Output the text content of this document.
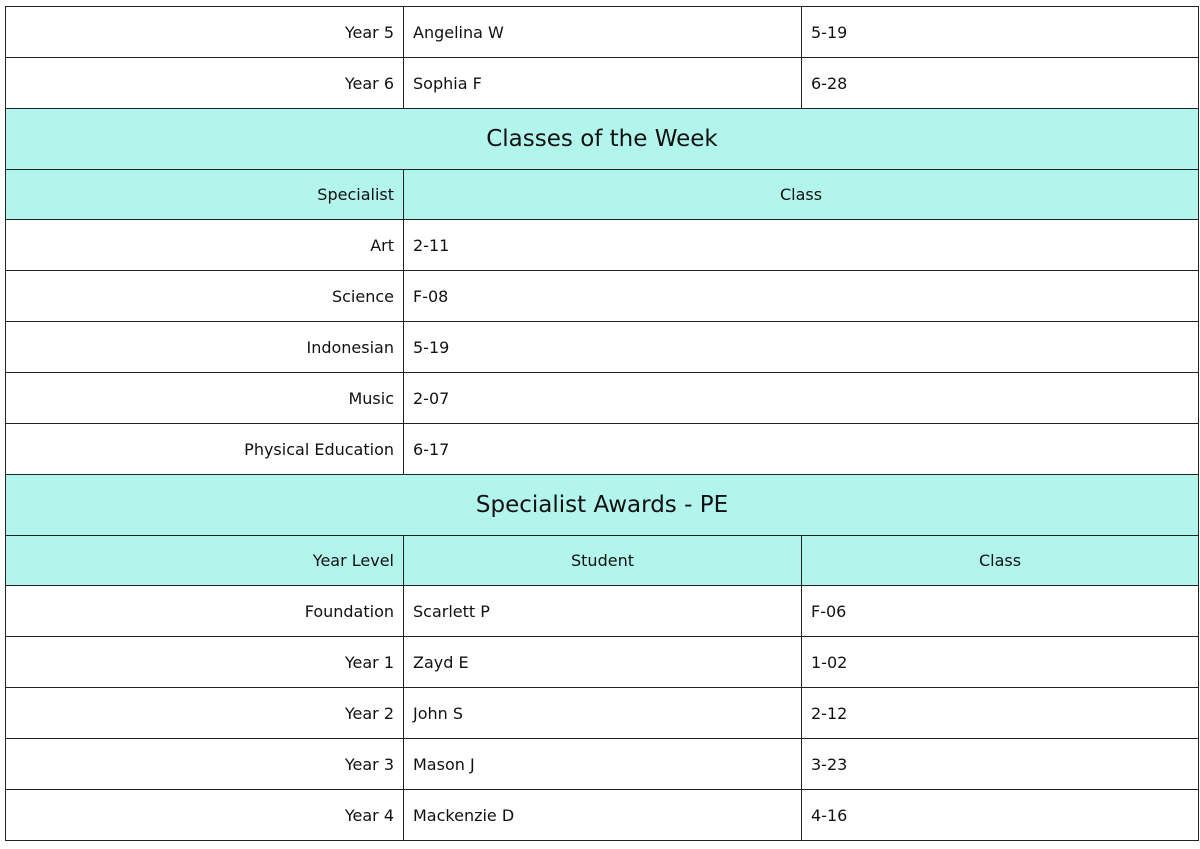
Year 5	Angelina W	5-19
Year 6	Sophia F	6-28
Classes of the Week		
Specialist	Class	
Art	2-11	
Science	F-08	
Indonesian	5-19	
Music	2-07	
Physical Education	6-17	
Specialist Awards - PE		
Year Level	Student	Class
Foundation	Scarlett P	F-06
Year 1	Zayd E	1-02
Year 2	John S	2-12
Year 3	Mason J	3-23
Year 4	Mackenzie D	4-16
